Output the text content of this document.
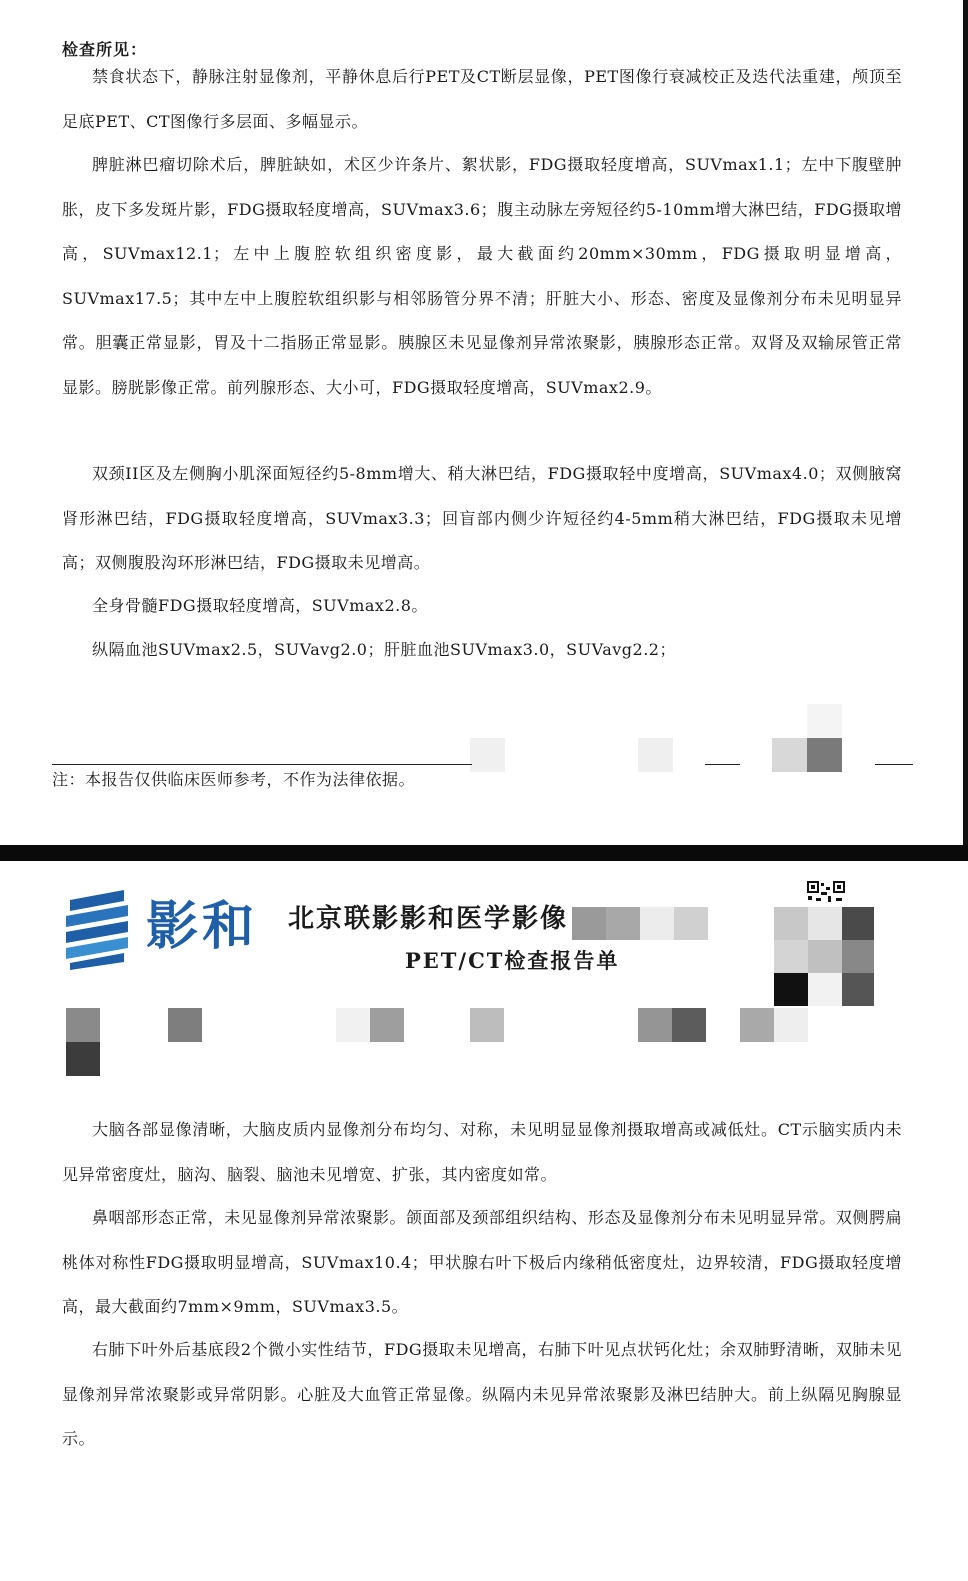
检查所见：

禁食状态下，静脉注射显像剂，平静休息后行PET及CT断层显像，PET图像行衰减校正及迭代法重建，颅顶至足底PET、CT图像行多层面、多幅显示。

脾脏淋巴瘤切除术后，脾脏缺如，术区少许条片、絮状影，FDG摄取轻度增高，SUVmax1.1；左中下腹壁肿胀，皮下多发斑片影，FDG摄取轻度增高，SUVmax3.6；腹主动脉左旁短径约5-10mm增大淋巴结，FDG摄取增高，SUVmax12.1；左中上腹腔软组织密度影，最大截面约20mm×30mm，FDG摄取明显增高，SUVmax17.5；其中左中上腹腔软组织影与相邻肠管分界不清；肝脏大小、形态、密度及显像剂分布未见明显异常。胆囊正常显影，胃及十二指肠正常显影。胰腺区未见显像剂异常浓聚影，胰腺形态正常。双肾及双输尿管正常显影。膀胱影像正常。前列腺形态、大小可，FDG摄取轻度增高，SUVmax2.9。

双颈II区及左侧胸小肌深面短径约5-8mm增大、稍大淋巴结，FDG摄取轻中度增高，SUVmax4.0；双侧腋窝肾形淋巴结，FDG摄取轻度增高，SUVmax3.3；回盲部内侧少许短径约4-5mm稍大淋巴结，FDG摄取未见增高；双侧腹股沟环形淋巴结，FDG摄取未见增高。

全身骨髓FDG摄取轻度增高，SUVmax2.8。

纵隔血池SUVmax2.5，SUVavg2.0；肝脏血池SUVmax3.0，SUVavg2.2；

注：本报告仅供临床医师参考，不作为法律依据。
影和 北京联影影和医学影像
PET/CT检查报告单

大脑各部显像清晰，大脑皮质内显像剂分布均匀、对称，未见明显显像剂摄取增高或减低灶。CT示脑实质内未见异常密度灶，脑沟、脑裂、脑池未见增宽、扩张，其内密度如常。

鼻咽部形态正常，未见显像剂异常浓聚影。颌面部及颈部组织结构、形态及显像剂分布未见明显异常。双侧腭扁桃体对称性FDG摄取明显增高，SUVmax10.4；甲状腺右叶下极后内缘稍低密度灶，边界较清，FDG摄取轻度增高，最大截面约7mm×9mm，SUVmax3.5。

右肺下叶外后基底段2个微小实性结节，FDG摄取未见增高，右肺下叶见点状钙化灶；余双肺野清晰，双肺未见显像剂异常浓聚影或异常阴影。心脏及大血管正常显像。纵隔内未见异常浓聚影及淋巴结肿大。前上纵隔见胸腺显示。
